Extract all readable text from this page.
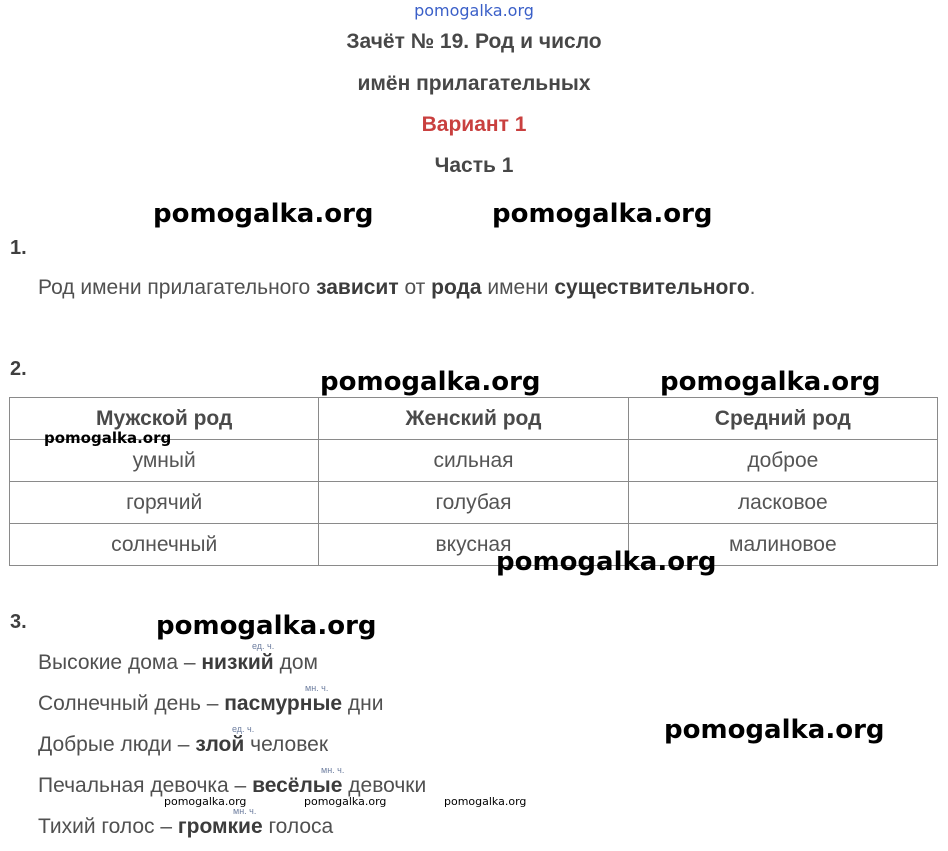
pomogalka.org
Зачёт № 19. Род и число
имён прилагательных
Вариант 1
Часть 1
pomogalka.org	pomogalka.org
1.
Род имени прилагательного зависит от рода имени существительного.
2.	pomogalka.org	pomogalka.org
Мужской род	Женский род	Средний род
умный	сильная	доброе
горячий	голубая	ласковое
солнечный	вкусная	малиновое
pomogalka.org
pomogalka.org
3.	pomogalka.org
pomogalka.org
ед. ч.
Высокие дома – низкий дом
мн. ч.
Солнечный день – пасмурные дни
ед. ч.
Добрые люди – злой человек
мн. ч.
Печальная девочка – весёлые девочки
pomogalka.org	pomogalka.org	pomogalka.org
мн. ч.
Тихий голос – громкие голоса
